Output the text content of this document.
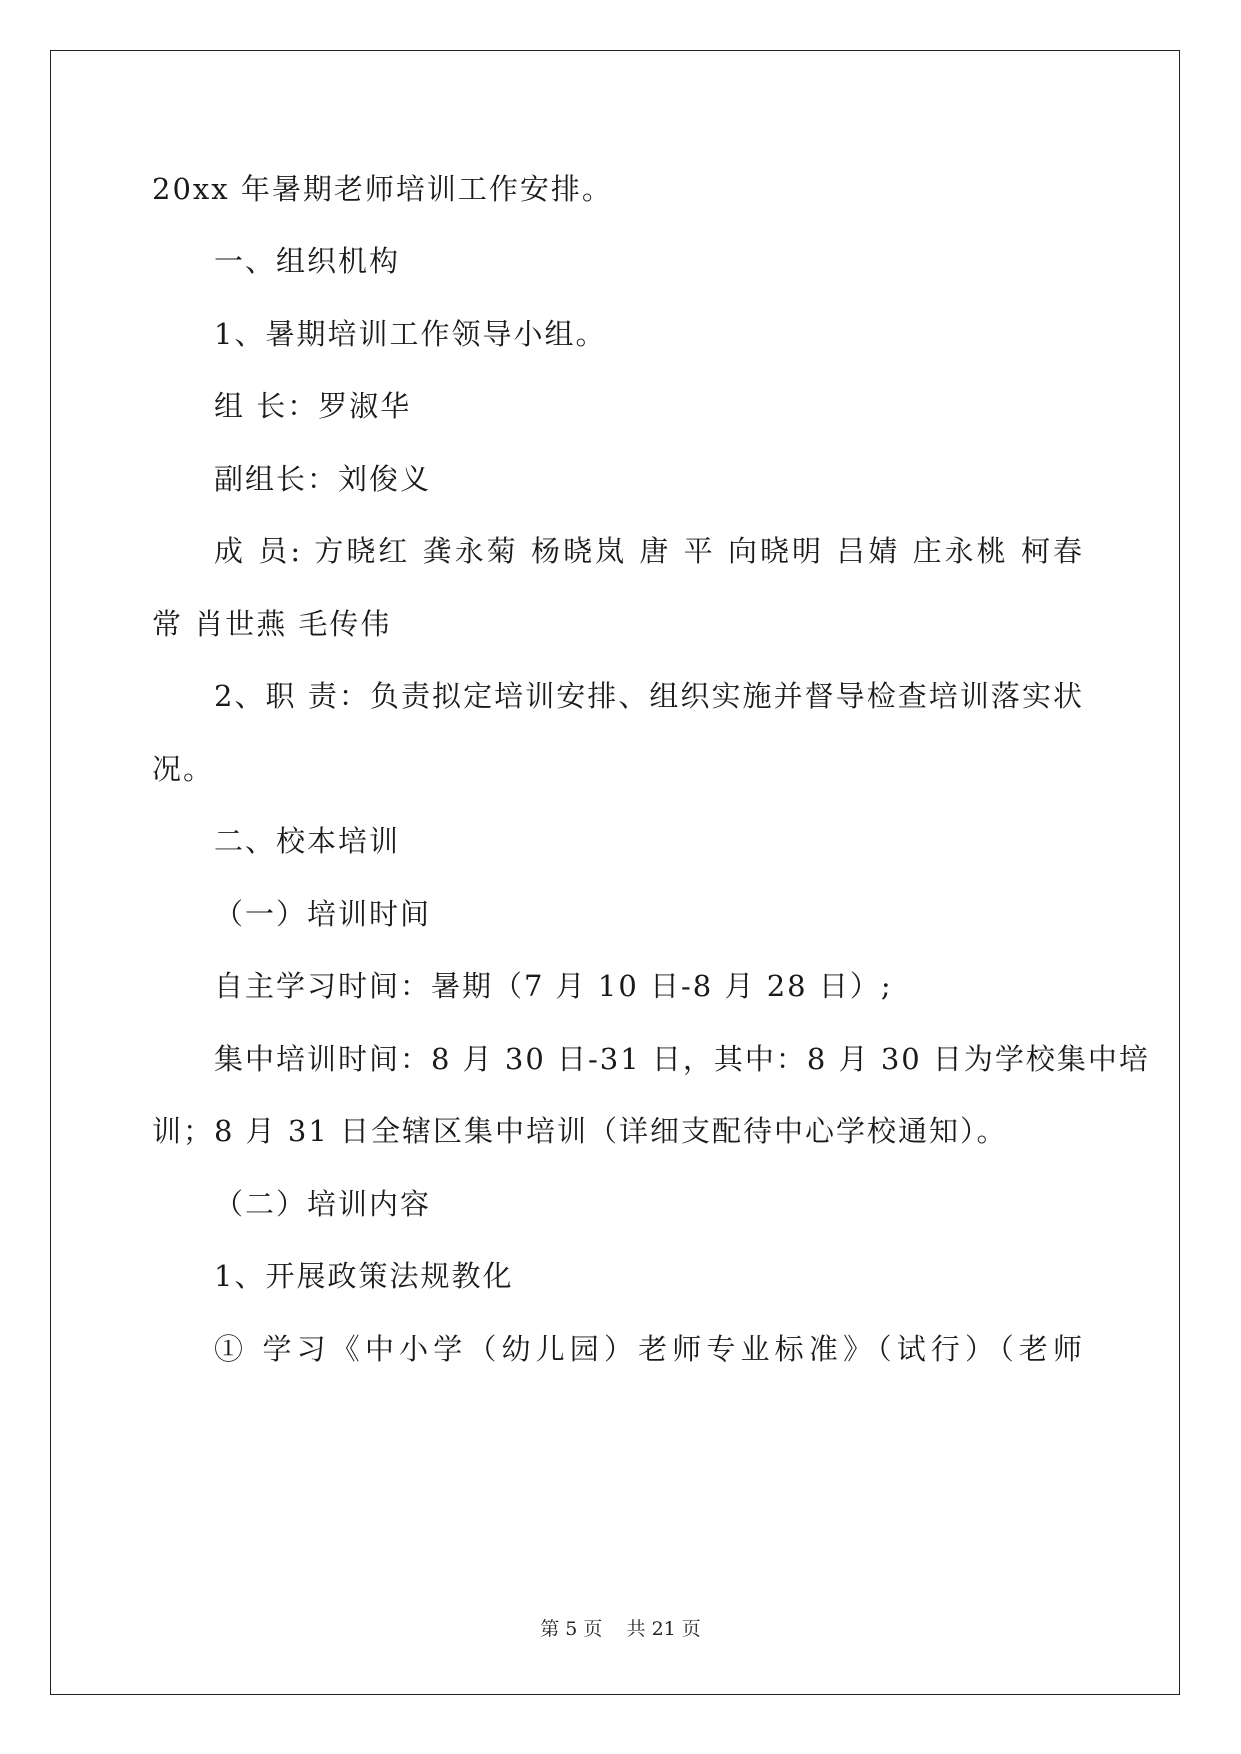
20xx 年暑期老师培训工作安排。
一、组织机构
1、暑期培训工作领导小组。
组 长：罗淑华
副组长：刘俊义
成 员: 方晓红 龚永菊 杨晓岚 唐 平 向晓明 吕婧 庄永桃 柯春
常 肖世燕 毛传伟
2、职 责：负责拟定培训安排、组织实施并督导检查培训落实状
况。
二、校本培训
（一）培训时间
自主学习时间：暑期（7 月 10 日-8 月 28 日）;
集中培训时间：8 月 30 日-31 日，其中：8 月 30 日为学校集中培
训；8 月 31 日全辖区集中培训（详细支配待中心学校通知）。
（二）培训内容
1、开展政策法规教化
① 学习《中小学（幼儿园）老师专业标准》（试行）（老师
第 5 页 共 21 页
